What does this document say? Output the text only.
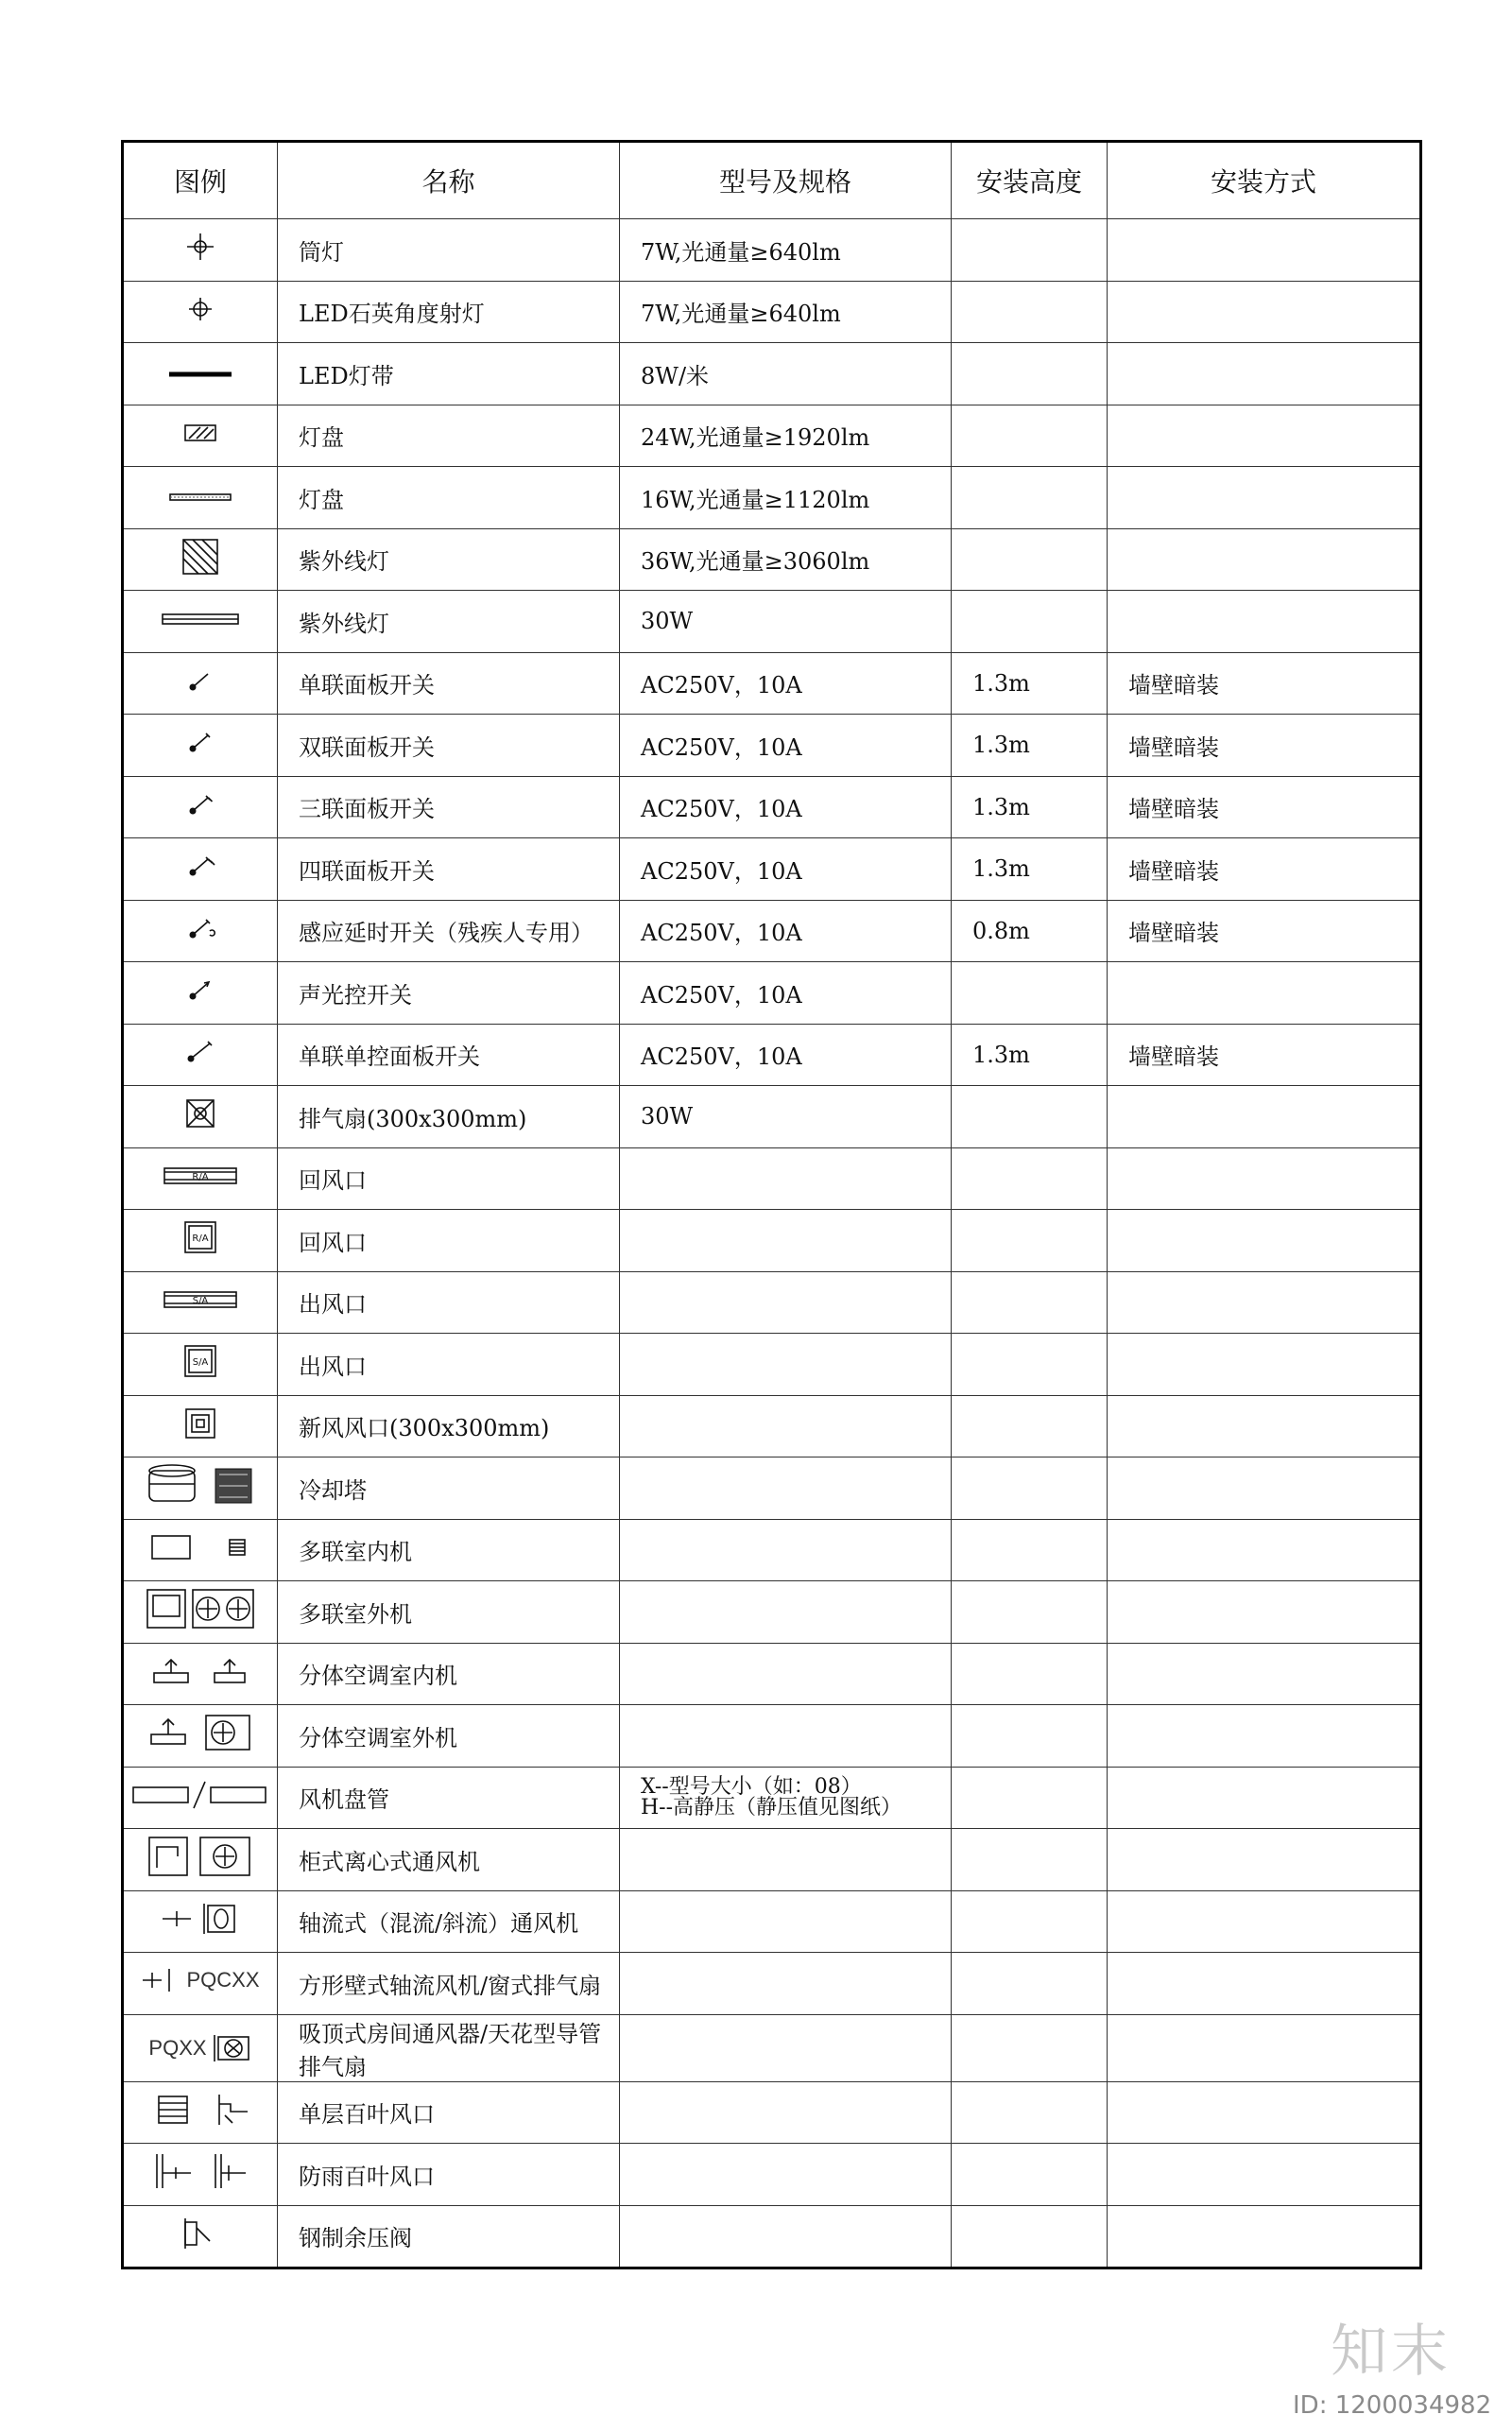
图例	名称	型号及规格	安装高度	安装方式

	筒灯	7W,光通量≥640lm		

	LED石英角度射灯	7W,光通量≥640lm		

	LED灯带	8W/米		

	灯盘	24W,光通量≥1920lm		

	灯盘	16W,光通量≥1120lm		

	紫外线灯	36W,光通量≥3060lm		

	紫外线灯	30W		

	单联面板开关	AC250V，10A	1.3m	墙壁暗装

	双联面板开关	AC250V，10A	1.3m	墙壁暗装

	三联面板开关	AC250V，10A	1.3m	墙壁暗装

	四联面板开关	AC250V，10A	1.3m	墙壁暗装

	感应延时开关（残疾人专用）	AC250V，10A	0.8m	墙壁暗装

	声光控开关	AC250V，10A		

	单联单控面板开关	AC250V，10A	1.3m	墙壁暗装

	排气扇(300x300mm)	30W		

R/A	回风口			

R/A	回风口			

S/A	出风口			

S/A	出风口			

	新风风口(300x300mm)			

	冷却塔			

	多联室内机			

	多联室外机			

	分体空调室内机			

	分体空调室外机			

	风机盘管	X--型号大小（如：08）
H--高静压（静压值见图纸）		

	柜式离心式通风机			

	轴流式（混流/斜流）通风机			

PQCXX	方形壁式轴流风机/窗式排气扇			

PQXX	吸顶式房间通风器/天花型导管排气扇			

	单层百叶风口			

	防雨百叶风口			

	钢制余压阀			
知末
ID: 1200034982
